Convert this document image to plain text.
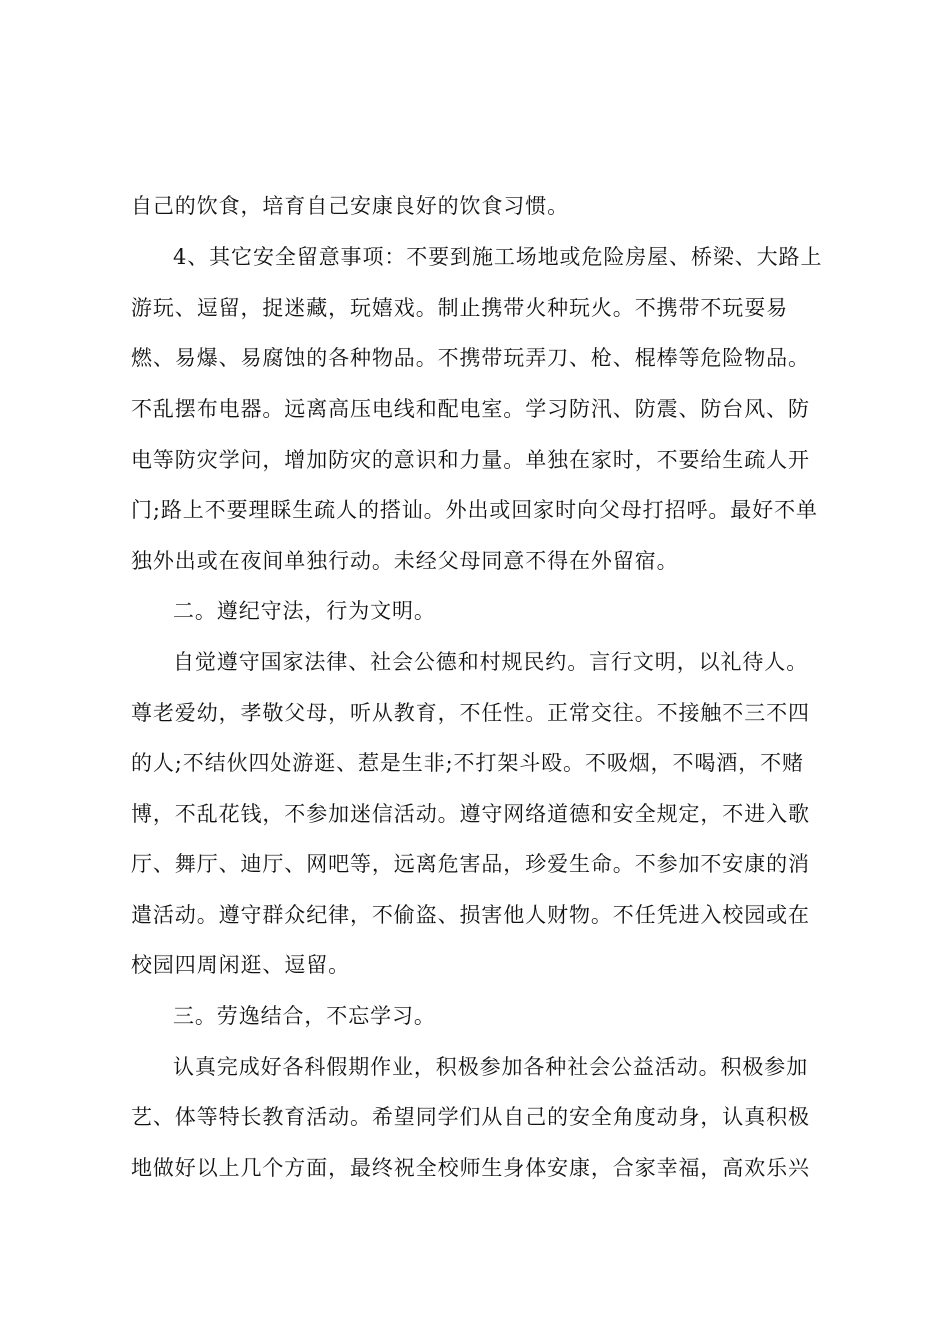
自己的饮食，培育自己安康良好的饮食习惯。
4、其它安全留意事项：不要到施工场地或危险房屋、桥梁、大路上
游玩、逗留，捉迷藏，玩嬉戏。制止携带火种玩火。不携带不玩耍易
燃、易爆、易腐蚀的各种物品。不携带玩弄刀、枪、棍棒等危险物品。
不乱摆布电器。远离高压电线和配电室。学习防汛、防震、防台风、防
电等防灾学问，增加防灾的意识和力量。单独在家时，不要给生疏人开
门;路上不要理睬生疏人的搭讪。外出或回家时向父母打招呼。最好不单
独外出或在夜间单独行动。未经父母同意不得在外留宿。
二。遵纪守法，行为文明。
自觉遵守国家法律、社会公德和村规民约。言行文明，以礼待人。
尊老爱幼，孝敬父母，听从教育，不任性。正常交往。不接触不三不四
的人;不结伙四处游逛、惹是生非;不打架斗殴。不吸烟，不喝酒，不赌
博，不乱花钱，不参加迷信活动。遵守网络道德和安全规定，不进入歌
厅、舞厅、迪厅、网吧等，远离危害品，珍爱生命。不参加不安康的消
遣活动。遵守群众纪律，不偷盗、损害他人财物。不任凭进入校园或在
校园四周闲逛、逗留。
三。劳逸结合，不忘学习。
认真完成好各科假期作业，积极参加各种社会公益活动。积极参加
艺、体等特长教育活动。希望同学们从自己的安全角度动身，认真积极
地做好以上几个方面，最终祝全校师生身体安康，合家幸福，高欢乐兴
